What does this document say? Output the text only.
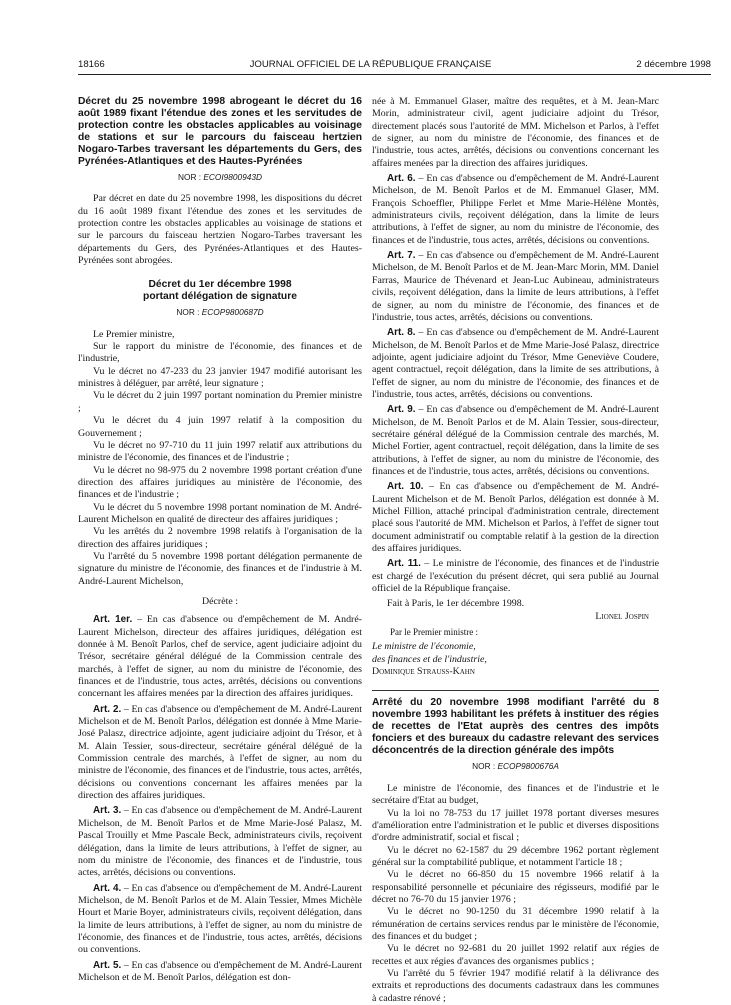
18166	JOURNAL OFFICIEL DE LA RÉPUBLIQUE FRANÇAISE	2 décembre 1998

Décret du 25 novembre 1998 abrogeant le décret du 16 août 1989 fixant l'étendue des zones et les servitudes de protection contre les obstacles applicables au voisinage de stations et sur le parcours du faisceau hertzien Nogaro-Tarbes traversant les départements du Gers, des Pyrénées-Atlantiques et des Hautes-Pyrénées

NOR : ECOI9800943D

Par décret en date du 25 novembre 1998, les dispositions du décret du 16 août 1989 fixant l'étendue des zones et les servitudes de protection contre les obstacles applicables au voisinage de stations et sur le parcours du faisceau hertzien Nogaro-Tarbes traversant les départements du Gers, des Pyrénées-Atlantiques et des Hautes-Pyrénées sont abrogées.

Décret du 1er décembre 1998

portant délégation de signature

NOR : ECOP9800687D

Le Premier ministre,

Sur le rapport du ministre de l'économie, des finances et de l'industrie,

Vu le décret no 47-233 du 23 janvier 1947 modifié autorisant les ministres à déléguer, par arrêté, leur signature ;

Vu le décret du 2 juin 1997 portant nomination du Premier ministre ;

Vu le décret du 4 juin 1997 relatif à la composition du Gouvernement ;

Vu le décret no 97-710 du 11 juin 1997 relatif aux attributions du ministre de l'économie, des finances et de l'industrie ;

Vu le décret no 98-975 du 2 novembre 1998 portant création d'une direction des affaires juridiques au ministère de l'économie, des finances et de l'industrie ;

Vu le décret du 5 novembre 1998 portant nomination de M. André-Laurent Michelson en qualité de directeur des affaires juridiques ;

Vu les arrêtés du 2 novembre 1998 relatifs à l'organisation de la direction des affaires juridiques ;

Vu l'arrêté du 5 novembre 1998 portant délégation permanente de signature du ministre de l'économie, des finances et de l'industrie à M. André-Laurent Michelson,

Décrète :

Art. 1er. – En cas d'absence ou d'empêchement de M. André-Laurent Michelson, directeur des affaires juridiques, délégation est donnée à M. Benoît Parlos, chef de service, agent judiciaire adjoint du Trésor, secrétaire général délégué de la Commission centrale des marchés, à l'effet de signer, au nom du ministre de l'économie, des finances et de l'industrie, tous actes, arrêtés, décisions ou conventions concernant les affaires menées par la direction des affaires juridiques.

Art. 2. – En cas d'absence ou d'empêchement de M. André-Laurent Michelson et de M. Benoît Parlos, délégation est donnée à Mme Marie-José Palasz, directrice adjointe, agent judiciaire adjoint du Trésor, et à M. Alain Tessier, sous-directeur, secrétaire général délégué de la Commission centrale des marchés, à l'effet de signer, au nom du ministre de l'économie, des finances et de l'industrie, tous actes, arrêtés, décisions ou conventions concernant les affaires menées par la direction des affaires juridiques.

Art. 3. – En cas d'absence ou d'empêchement de M. André-Laurent Michelson, de M. Benoît Parlos et de Mme Marie-José Palasz, M. Pascal Trouilly et Mme Pascale Beck, administrateurs civils, reçoivent délégation, dans la limite de leurs attributions, à l'effet de signer, au nom du ministre de l'économie, des finances et de l'industrie, tous actes, arrêtés, décisions ou conventions.

Art. 4. – En cas d'absence ou d'empêchement de M. André-Laurent Michelson, de M. Benoît Parlos et de M. Alain Tessier, Mmes Michèle Hourt et Marie Boyer, administrateurs civils, reçoivent délégation, dans la limite de leurs attributions, à l'effet de signer, au nom du ministre de l'économie, des finances et de l'industrie, tous actes, arrêtés, décisions ou conventions.

Art. 5. – En cas d'absence ou d'empêchement de M. André-Laurent Michelson et de M. Benoît Parlos, délégation est don-

née à M. Emmanuel Glaser, maître des requêtes, et à M. Jean-Marc Morin, administrateur civil, agent judiciaire adjoint du Trésor, directement placés sous l'autorité de MM. Michelson et Parlos, à l'effet de signer, au nom du ministre de l'économie, des finances et de l'industrie, tous actes, arrêtés, décisions ou conventions concernant les affaires menées par la direction des affaires juridiques.

Art. 6. – En cas d'absence ou d'empêchement de M. André-Laurent Michelson, de M. Benoît Parlos et de M. Emmanuel Glaser, MM. François Schoeffler, Philippe Ferlet et Mme Marie-Hélène Montès, administrateurs civils, reçoivent délégation, dans la limite de leurs attributions, à l'effet de signer, au nom du ministre de l'économie, des finances et de l'industrie, tous actes, arrêtés, décisions ou conventions.

Art. 7. – En cas d'absence ou d'empêchement de M. André-Laurent Michelson, de M. Benoît Parlos et de M. Jean-Marc Morin, MM. Daniel Farras, Maurice de Thévenard et Jean-Luc Aubineau, administrateurs civils, reçoivent délégation, dans la limite de leurs attributions, à l'effet de signer, au nom du ministre de l'économie, des finances et de l'industrie, tous actes, arrêtés, décisions ou conventions.

Art. 8. – En cas d'absence ou d'empêchement de M. André-Laurent Michelson, de M. Benoît Parlos et de Mme Marie-José Palasz, directrice adjointe, agent judiciaire adjoint du Trésor, Mme Geneviève Coudere, agent contractuel, reçoit délégation, dans la limite de ses attributions, à l'effet de signer, au nom du ministre de l'économie, des finances et de l'industrie, tous actes, arrêtés, décisions ou conventions.

Art. 9. – En cas d'absence ou d'empêchement de M. André-Laurent Michelson, de M. Benoît Parlos et de M. Alain Tessier, sous-directeur, secrétaire général délégué de la Commission centrale des marchés, M. Michel Fortier, agent contractuel, reçoit délégation, dans la limite de ses attributions, à l'effet de signer, au nom du ministre de l'économie, des finances et de l'industrie, tous actes, arrêtés, décisions ou conventions.

Art. 10. – En cas d'absence ou d'empêchement de M. André-Laurent Michelson et de M. Benoît Parlos, délégation est donnée à M. Michel Fillion, attaché principal d'administration centrale, directement placé sous l'autorité de MM. Michelson et Parlos, à l'effet de signer tout document administratif ou comptable relatif à la gestion de la direction des affaires juridiques.

Art. 11. – Le ministre de l'économie, des finances et de l'industrie est chargé de l'exécution du présent décret, qui sera publié au Journal officiel de la République française.

Fait à Paris, le 1er décembre 1998.

Lionel Jospin

Par le Premier ministre :

Le ministre de l'économie,

des finances et de l'industrie,

Dominique Strauss-Kahn

Arrêté du 20 novembre 1998 modifiant l'arrêté du 8 novembre 1993 habilitant les préfets à instituer des régies de recettes de l'Etat auprès des centres des impôts fonciers et des bureaux du cadastre relevant des services déconcentrés de la direction générale des impôts

NOR : ECOP9800676A

Le ministre de l'économie, des finances et de l'industrie et le secrétaire d'Etat au budget,

Vu la loi no 78-753 du 17 juillet 1978 portant diverses mesures d'amélioration entre l'administration et le public et diverses dispositions d'ordre administratif, social et fiscal ;

Vu le décret no 62-1587 du 29 décembre 1962 portant règlement général sur la comptabilité publique, et notamment l'article 18 ;

Vu le décret no 66-850 du 15 novembre 1966 relatif à la responsabilité personnelle et pécuniaire des régisseurs, modifié par le décret no 76-70 du 15 janvier 1976 ;

Vu le décret no 90-1250 du 31 décembre 1990 relatif à la rémunération de certains services rendus par le ministère de l'économie, des finances et du budget ;

Vu le décret no 92-681 du 20 juillet 1992 relatif aux régies de recettes et aux régies d'avances des organismes publics ;

Vu l'arrêté du 5 février 1947 modifié relatif à la délivrance des extraits et reproductions des documents cadastraux dans les communes à cadastre rénové ;
